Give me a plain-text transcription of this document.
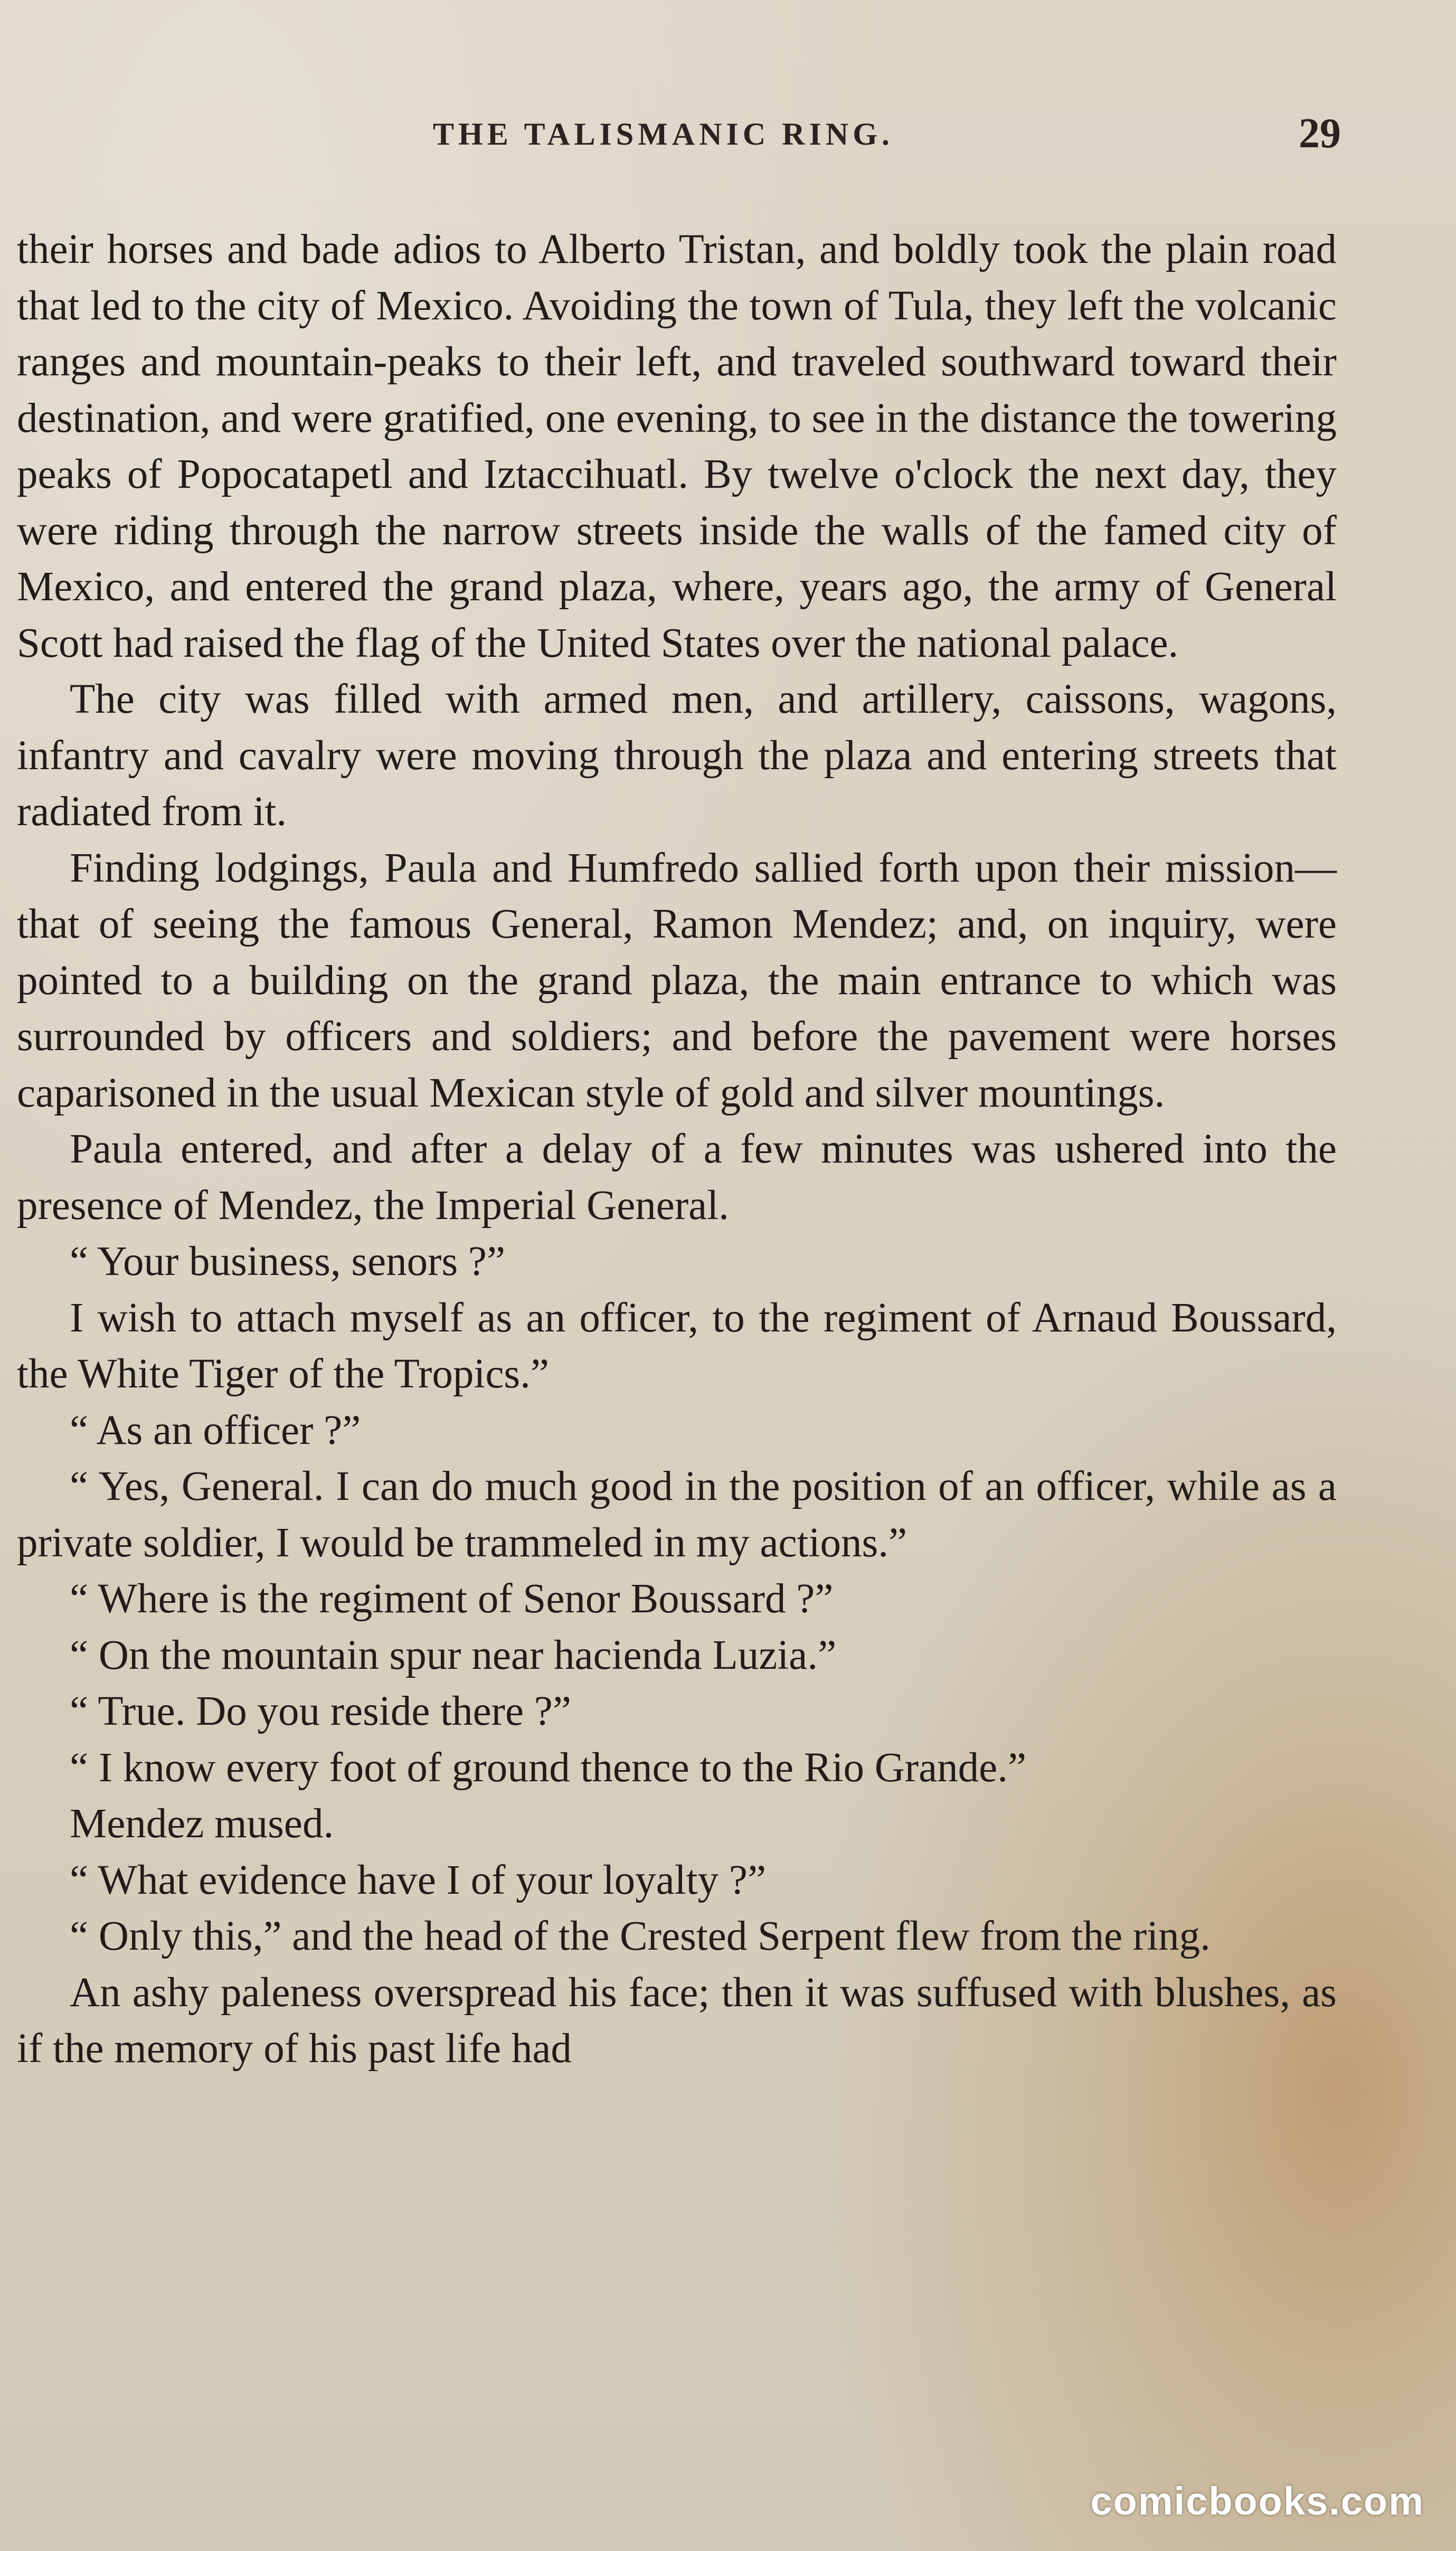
THE TALISMANIC RING.	29

their horses and bade adios to Alberto Tristan, and boldly took the plain road that led to the city of Mexico. Avoiding the town of Tula, they left the volcanic ranges and mountain-peaks to their left, and traveled southward toward their destination, and were gratified, one evening, to see in the distance the towering peaks of Popocatapetl and Iztaccihuatl. By twelve o'clock the next day, they were riding through the narrow streets inside the walls of the famed city of Mexico, and entered the grand plaza, where, years ago, the army of General Scott had raised the flag of the United States over the national palace.

The city was filled with armed men, and artillery, caissons, wagons, infantry and cavalry were moving through the plaza and entering streets that radiated from it.

Finding lodgings, Paula and Humfredo sallied forth upon their mission—that of seeing the famous General, Ramon Mendez; and, on inquiry, were pointed to a building on the grand plaza, the main entrance to which was surrounded by officers and soldiers; and before the pavement were horses caparisoned in the usual Mexican style of gold and silver mountings.

Paula entered, and after a delay of a few minutes was ushered into the presence of Mendez, the Imperial General.

“ Your business, senors ?”

I wish to attach myself as an officer, to the regiment of Arnaud Boussard, the White Tiger of the Tropics.”

“ As an officer ?”

“ Yes, General. I can do much good in the position of an officer, while as a private soldier, I would be trammeled in my actions.”

“ Where is the regiment of Senor Boussard ?”

“ On the mountain spur near hacienda Luzia.”

“ True. Do you reside there ?”

“ I know every foot of ground thence to the Rio Grande.”

Mendez mused.

“ What evidence have I of your loyalty ?”

“ Only this,” and the head of the Crested Serpent flew from the ring.

An ashy paleness overspread his face; then it was suffused with blushes, as if the memory of his past life had

comicbooks.com
